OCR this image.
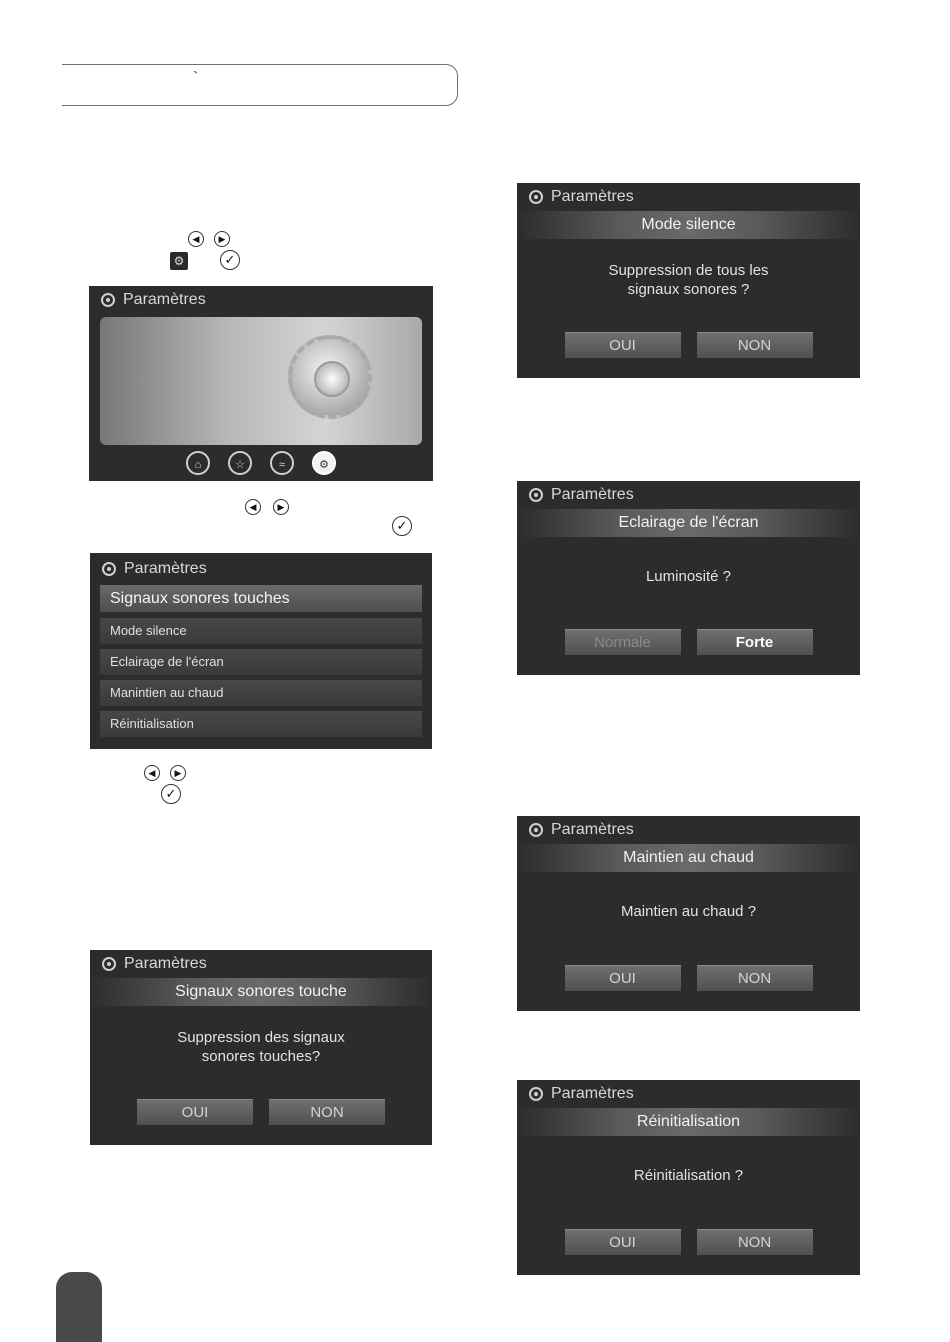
`
◀	▶
⚙	✓
◀	▶
✓
◀	▶
✓
Paramètres
⌂	☆	≈	⚙
Paramètres
Signaux sonores touches
Mode silence
Eclairage de l'écran
Manintien au chaud
Réinitialisation
Paramètres
Signaux sonores touche
Suppression des signaux
sonores touches?
OUI	NON
Paramètres
Mode silence
Suppression de tous les
signaux sonores ?
OUI	NON
Paramètres
Eclairage de l'écran
Luminosité ?
Normale	Forte
Paramètres
Maintien au chaud
Maintien au chaud ?
OUI	NON
Paramètres
Réinitialisation
Réinitialisation ?
OUI	NON
